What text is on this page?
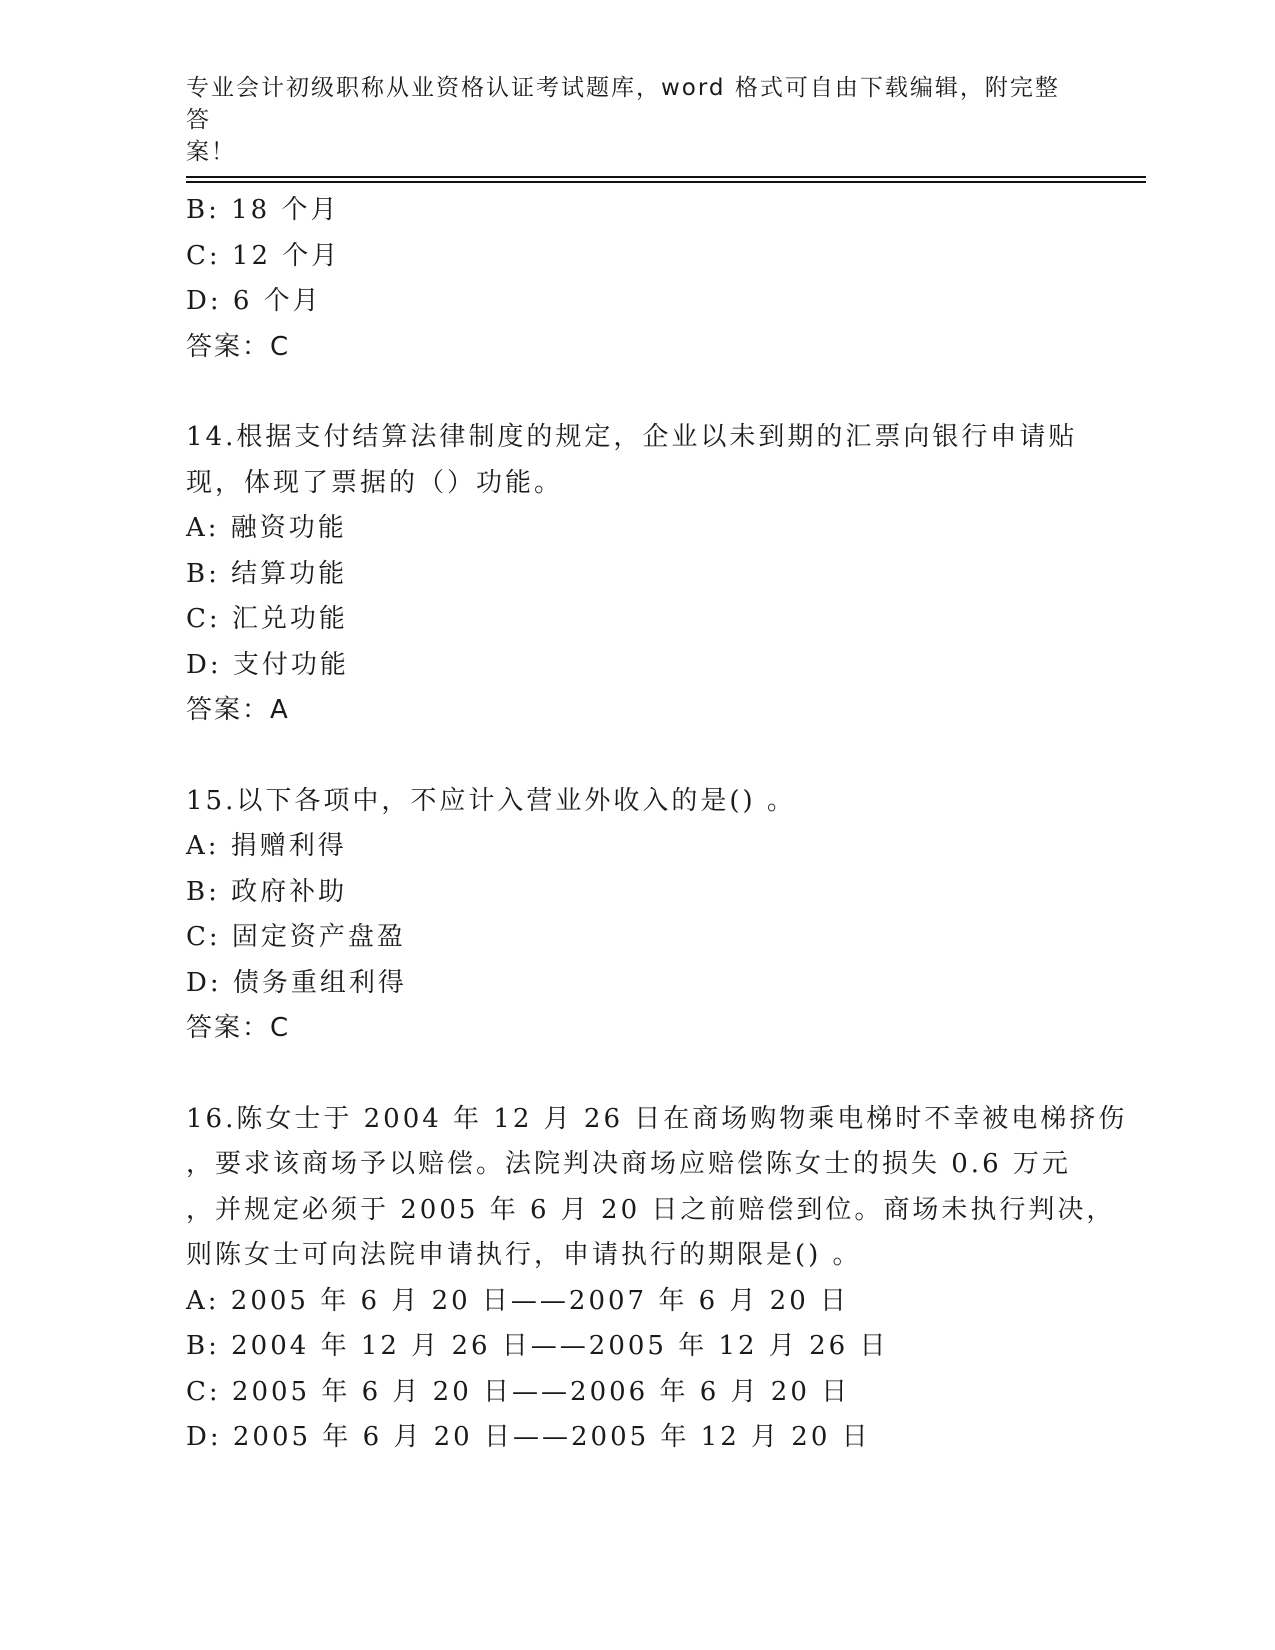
专业会计初级职称从业资格认证考试题库，word 格式可自由下载编辑，附完整答
案！
B: 18 个月
C: 12 个月
D: 6 个月
答案：C
14.根据支付结算法律制度的规定，企业以未到期的汇票向银行申请贴
现，体现了票据的（）功能。
A: 融资功能
B: 结算功能
C: 汇兑功能
D: 支付功能
答案：A
15.以下各项中，不应计入营业外收入的是() 。
A: 捐赠利得
B: 政府补助
C: 固定资产盘盈
D: 债务重组利得
答案：C
16.陈女士于 2004 年 12 月 26 日在商场购物乘电梯时不幸被电梯挤伤
，要求该商场予以赔偿。法院判决商场应赔偿陈女士的损失 0.6 万元
，并规定必须于 2005 年 6 月 20 日之前赔偿到位。商场未执行判决，
则陈女士可向法院申请执行，申请执行的期限是() 。
A: 2005 年 6 月 20 日——2007 年 6 月 20 日
B: 2004 年 12 月 26 日——2005 年 12 月 26 日
C: 2005 年 6 月 20 日——2006 年 6 月 20 日
D: 2005 年 6 月 20 日——2005 年 12 月 20 日
